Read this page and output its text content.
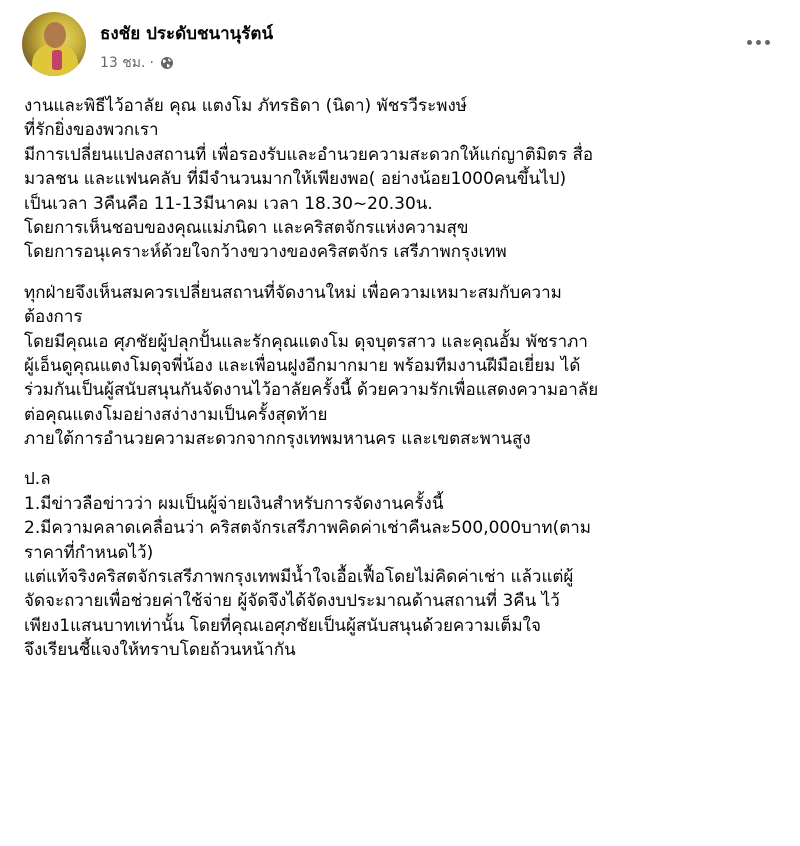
ธงชัย ประดับชนานุรัตน์
13 ชม. ·
งานและพิธีไว้อาลัย คุณ แตงโม ภัทรธิดา (นิดา) พัชรวีระพงษ์
ที่รักยิ่งของพวกเรา
มีการเปลี่ยนแปลงสถานที่ เพื่อรองรับและอำนวยความสะดวกให้แก่ญาติมิตร สื่อ
มวลชน และแฟนคลับ ที่มีจำนวนมากให้เพียงพอ( อย่างน้อย1000คนขึ้นไป)
เป็นเวลา 3คืนคือ 11-13มีนาคม เวลา 18.30~20.30น.
โดยการเห็นชอบของคุณแม่ภนิดา และคริสตจักรแห่งความสุข
โดยการอนุเคราะห์ด้วยใจกว้างขวางของคริสตจักร เสรีภาพกรุงเทพ
ทุกฝ่ายจึงเห็นสมควรเปลี่ยนสถานที่จัดงานใหม่ เพื่อความเหมาะสมกับความ
ต้องการ
โดยมีคุณเอ ศุภชัยผู้ปลุกปั้นและรักคุณแตงโม ดุจบุตรสาว และคุณอั้ม พัชราภา
ผู้เอ็นดูคุณแตงโมดุจพี่น้อง และเพื่อนฝูงอีกมากมาย พร้อมทีมงานฝีมือเยี่ยม ได้
ร่วมกันเป็นผู้สนับสนุนกันจัดงานไว้อาลัยครั้งนี้ ด้วยความรักเพื่อแสดงความอาลัย
ต่อคุณแตงโมอย่างสง่างามเป็นครั้งสุดท้าย
ภายใต้การอำนวยความสะดวกจากกรุงเทพมหานคร และเขตสะพานสูง
ป.ล
1.มีข่าวลือข่าวว่า ผมเป็นผู้จ่ายเงินสำหรับการจัดงานครั้งนี้
2.มีความคลาดเคลื่อนว่า คริสตจักรเสรีภาพคิดค่าเช่าคืนละ500,000บาท(ตาม
ราคาที่กำหนดไว้)
แต่แท้จริงคริสตจักรเสรีภาพกรุงเทพมีน้ำใจเอื้อเฟื้อโดยไม่คิดค่าเช่า แล้วแต่ผู้
จัดจะถวายเพื่อช่วยค่าใช้จ่าย ผู้จัดจึงได้จัดงบประมาณด้านสถานที่ 3คืน ไว้
เพียง1แสนบาทเท่านั้น โดยที่คุณเอศุภชัยเป็นผู้สนับสนุนด้วยความเต็มใจ
จึงเรียนชี้แจงให้ทราบโดยถ้วนหน้ากัน
